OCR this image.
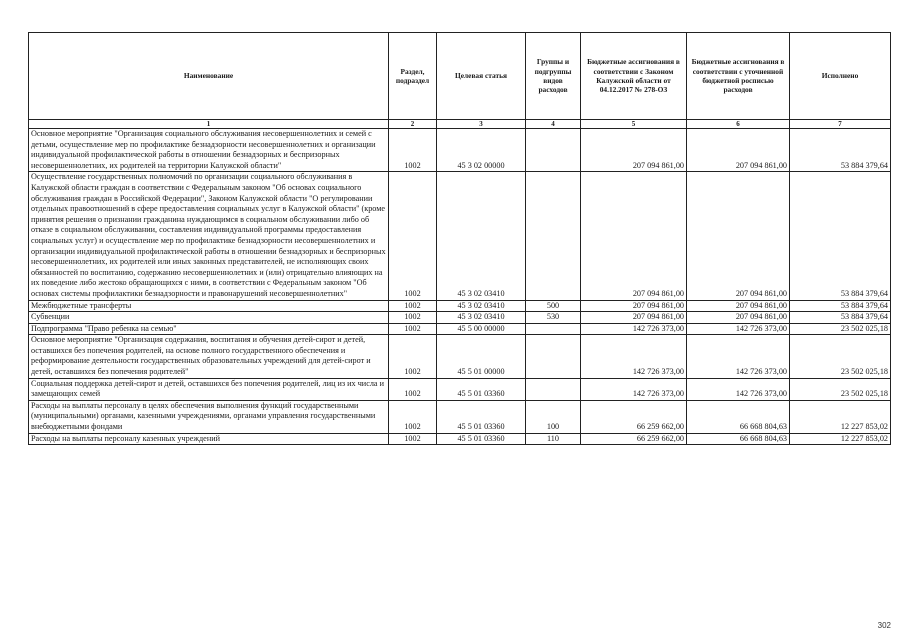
Наименование	Раздел, подраздел	Целевая статья	Группы и подгруппы видов расходов	Бюджетные ассигнования в соответствии с Законом Калужской области от 04.12.2017 № 278-ОЗ	Бюджетные ассигнования в соответствии с уточненной бюджетной росписью расходов	Исполнено
1	2	3	4	5	6	7
Основное мероприятие "Организация социального обслуживания несовершеннолетних и семей с детьми, осуществление мер по профилактике безнадзорности несовершеннолетних и организации индивидуальной профилактической работы в отношении безнадзорных и беспризорных несовершеннолетних, их родителей на территории Калужской области"	1002	45 3 02 00000		207 094 861,00	207 094 861,00	53 884 379,64
Осуществление государственных полномочий по организации социального обслуживания в Калужской области граждан в соответствии с Федеральным законом "Об основах социального обслуживания граждан в Российской Федерации", Законом Калужской области "О регулировании отдельных правоотношений в сфере предоставления социальных услуг в Калужской области" (кроме принятия решения о признании гражданина нуждающимся в социальном обслуживании либо об отказе в социальном обслуживании, составления индивидуальной программы предоставления социальных услуг) и осуществление мер по профилактике безнадзорности несовершеннолетних и организации индивидуальной профилактической работы в отношении безнадзорных и беспризорных несовершеннолетних, их родителей или иных законных представителей, не исполняющих своих обязанностей по воспитанию, содержанию несовершеннолетних и (или) отрицательно влияющих на их поведение либо жестоко обращающихся с ними, в соответствии с Федеральным законом "Об основах системы профилактики безнадзорности и правонарушений несовершеннолетних"	1002	45 3 02 03410		207 094 861,00	207 094 861,00	53 884 379,64
Межбюджетные трансферты	1002	45 3 02 03410	500	207 094 861,00	207 094 861,00	53 884 379,64
Субвенции	1002	45 3 02 03410	530	207 094 861,00	207 094 861,00	53 884 379,64
Подпрограмма "Право ребенка на семью"	1002	45 5 00 00000		142 726 373,00	142 726 373,00	23 502 025,18
Основное мероприятие "Организация содержания, воспитания и обучения детей-сирот и детей, оставшихся без попечения родителей, на основе полного государственного обеспечения и реформирование деятельности государственных образовательных учреждений для детей-сирот и детей, оставшихся без попечения родителей"	1002	45 5 01 00000		142 726 373,00	142 726 373,00	23 502 025,18
Социальная поддержка детей-сирот и детей, оставшихся без попечения родителей, лиц из их числа и замещающих семей	1002	45 5 01 03360		142 726 373,00	142 726 373,00	23 502 025,18
Расходы на выплаты персоналу в целях обеспечения выполнения функций государственными (муниципальными) органами, казенными учреждениями, органами управления государственными внебюджетными фондами	1002	45 5 01 03360	100	66 259 662,00	66 668 804,63	12 227 853,02
Расходы на выплаты персоналу казенных учреждений	1002	45 5 01 03360	110	66 259 662,00	66 668 804,63	12 227 853,02
302
